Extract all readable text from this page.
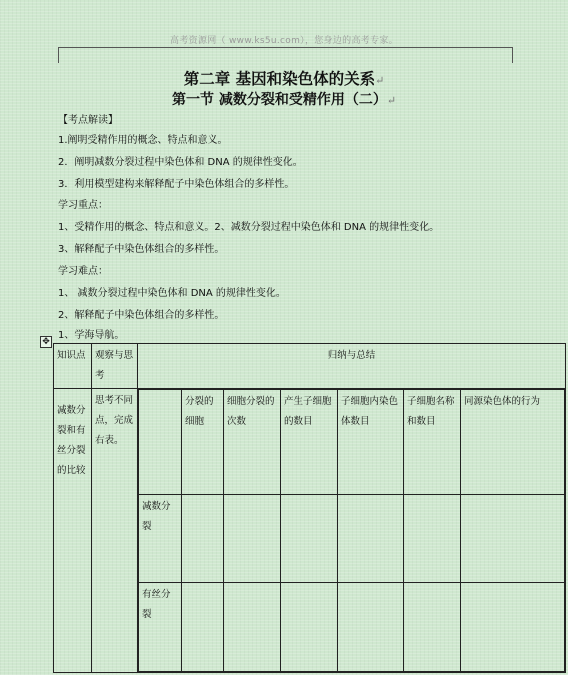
高考资源网（ www.ks5u.com），您身边的高考专家。
第二章 基因和染色体的关系↵
第一节 减数分裂和受精作用（二）↵
【考点解读】
1.阐明受精作用的概念、特点和意义。
2．阐明减数分裂过程中染色体和 DNA 的规律性变化。
3．利用模型建构来解释配子中染色体组合的多样性。
学习重点：
1、受精作用的概念、特点和意义。2、减数分裂过程中染色体和 DNA 的规律性变化。
3、解释配子中染色体组合的多样性。
学习难点：
1、 减数分裂过程中染色体和 DNA 的规律性变化。
2、解释配子中染色体组合的多样性。
1、学海导航。
✥
知识点	观察与思考	归纳与总结
减数分裂和有丝分裂的比较	思考不同点，完成右表。	
	分裂的细胞	细胞分裂的次数	产生子细胞的数目	子细胞内染色体数目	子细胞名称和数目	同源染色体的行为
减数分裂						
有丝分裂						
